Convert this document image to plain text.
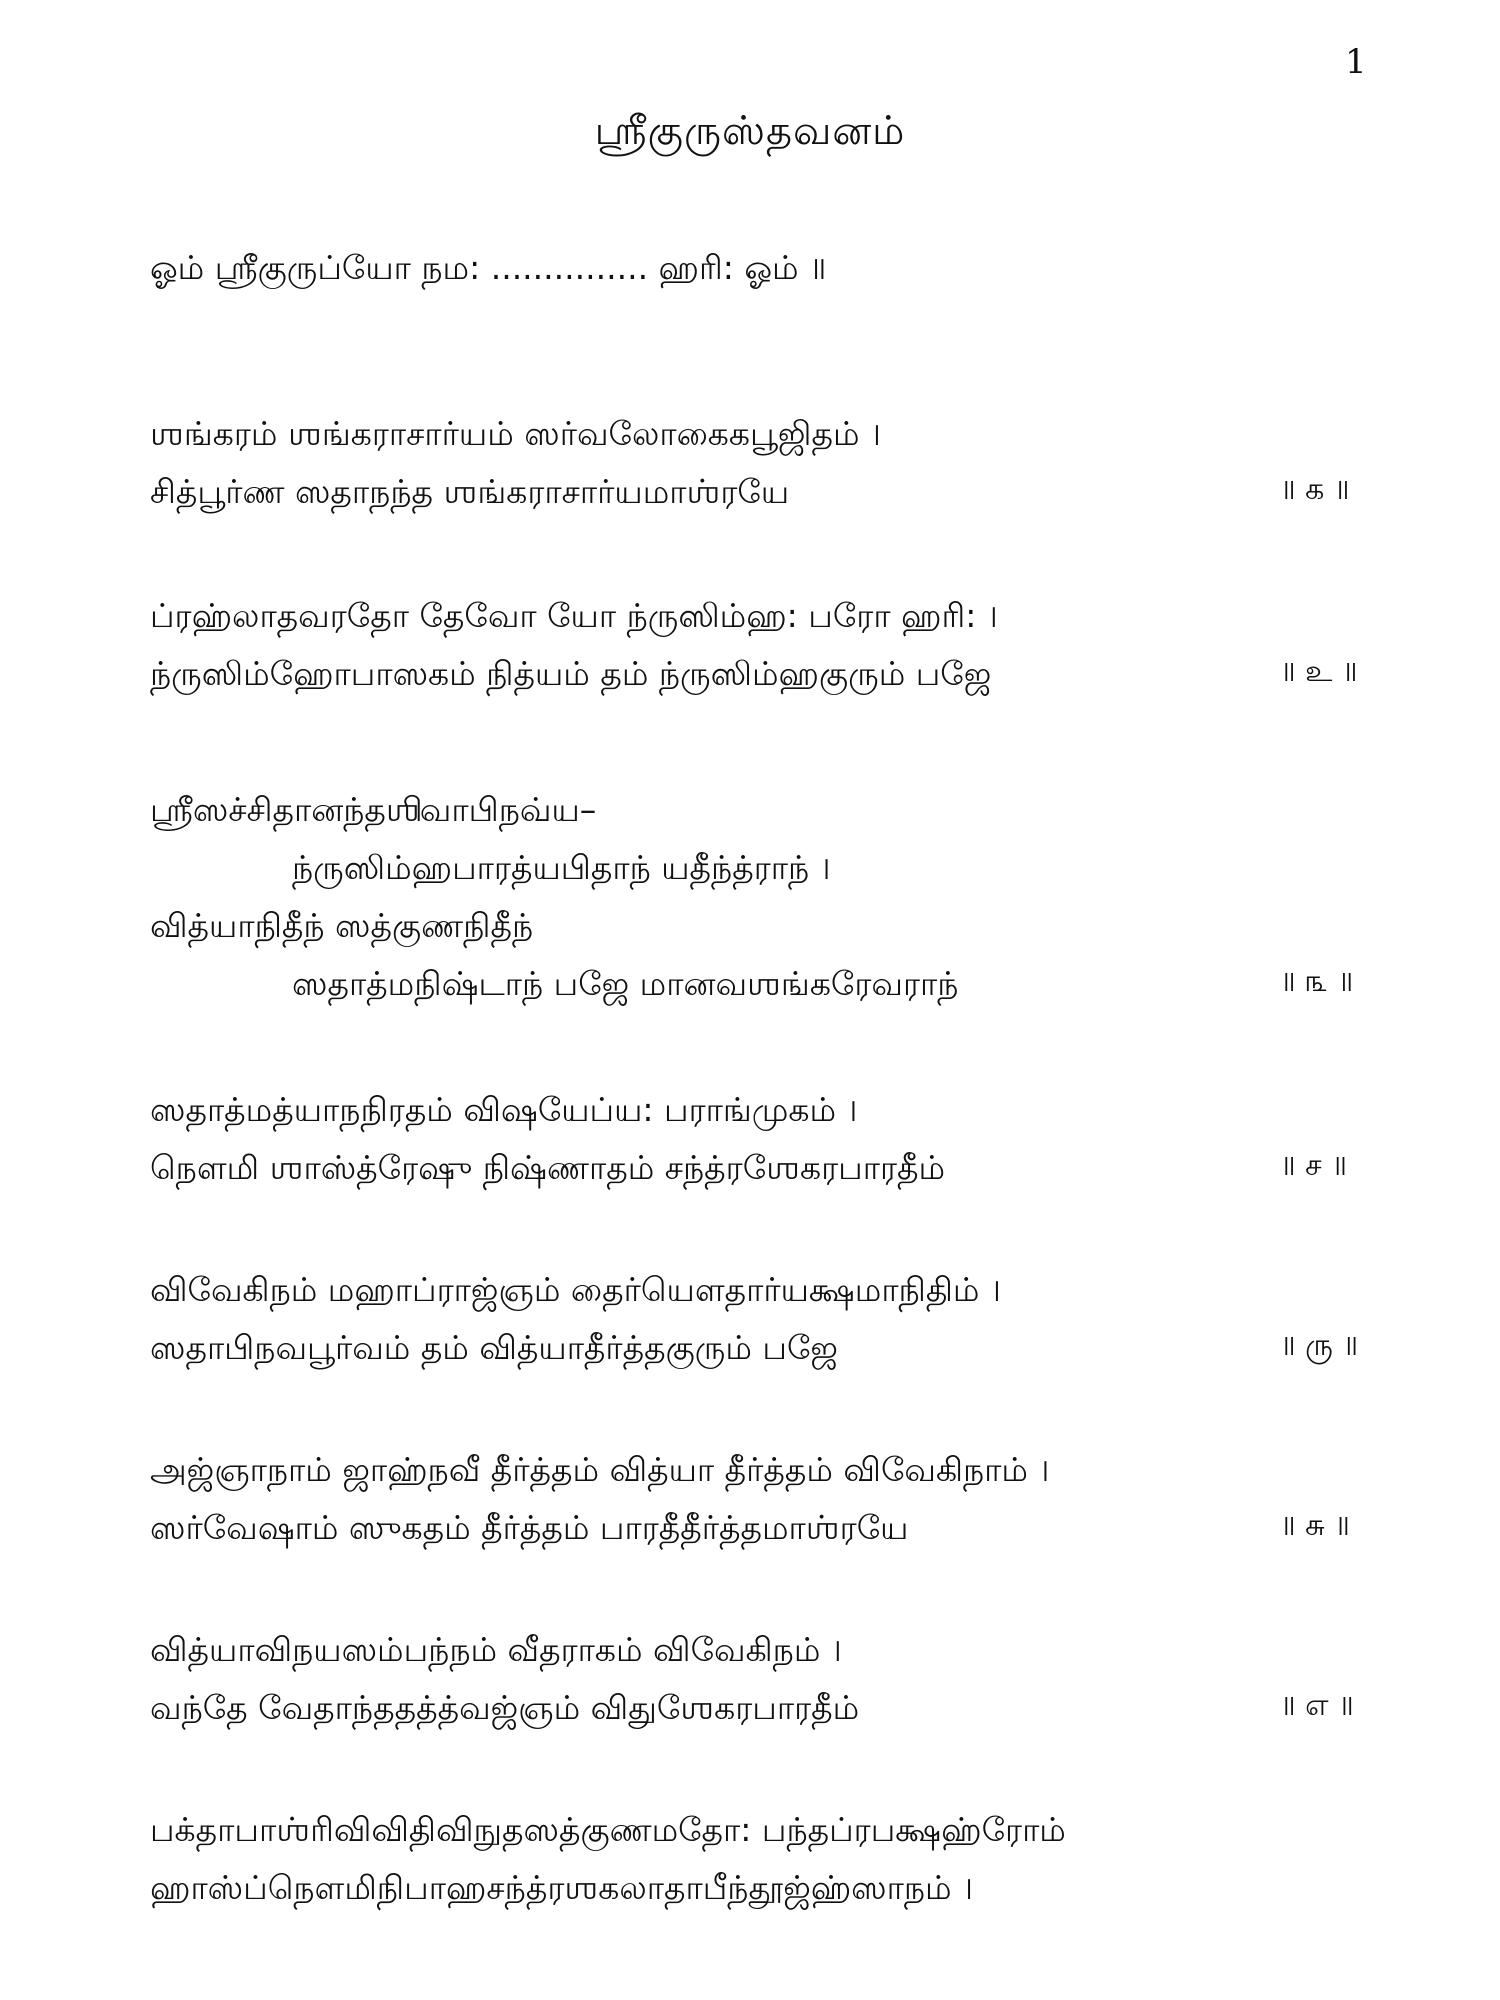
1
ஶ்ரீகுருஸ்தவனம்
ஓம் ஶ்ரீகுருப்யோ நம: ............... ஹரி: ஓம் ॥
ஶங்கரம் ஶங்கராசார்யம் ஸர்வலோகைகபூஜிதம் ।
சித்பூர்ண ஸதாநந்த ஶங்கராசார்யமாஶ்ரயே	॥ க ॥
ப்ரஹ்லாதவரதோ தேவோ யோ ந்ருஸிம்ஹ: பரோ ஹரி: ।
ந்ருஸிம்ஹோபாஸகம் நித்யம் தம் ந்ருஸிம்ஹகுரும் பஜே	॥ உ ॥
ஶ்ரீஸச்சிதானந்தஶிவாபிநவ்ய–
ந்ருஸிம்ஹபாரத்யபிதாந் யதீந்த்ராந் ।
வித்யாநிதீந் ஸத்குணநிதீந்
ஸதாத்மநிஷ்டாந் பஜே மானவஶங்கரேவராந்	॥ ௩ ॥
ஸதாத்மத்யாநநிரதம் விஷயேப்ய: பராங்முகம் ।
நௌமி ஶாஸ்த்ரேஷு நிஷ்ணாதம் சந்த்ரஶேகரபாரதீம்	॥ ச ॥
விவேகிநம் மஹாப்ராஜ்ஞம் தைர்யௌதார்யக்ஷமாநிதிம் ।
ஸதாபிநவபூர்வம் தம் வித்யாதீர்த்தகுரும் பஜே	॥ ரு ॥
அஜ்ஞாநாம் ஜாஹ்நவீ தீர்த்தம் வித்யா தீர்த்தம் விவேகிநாம் ।
ஸர்வேஷாம் ஸுகதம் தீர்த்தம் பாரதீதீர்த்தமாஶ்ரயே	॥ சு ॥
வித்யாவிநயஸம்பந்நம் வீதராகம் விவேகிநம் ।
வந்தே வேதாந்ததத்த்வஜ்ஞம் விதுஶேகரபாரதீம்	॥ எ ॥
பக்தாபாஶ்ரிவிவிதிவிநுதஸத்குணமதோ: பந்தப்ரபக்ஷஹ்ரோம்
ஹாஸ்ப்நௌமிநிபாஹசந்த்ரஶகலாதாபீந்தூஜ்ஹ்ஸாநம் ।
